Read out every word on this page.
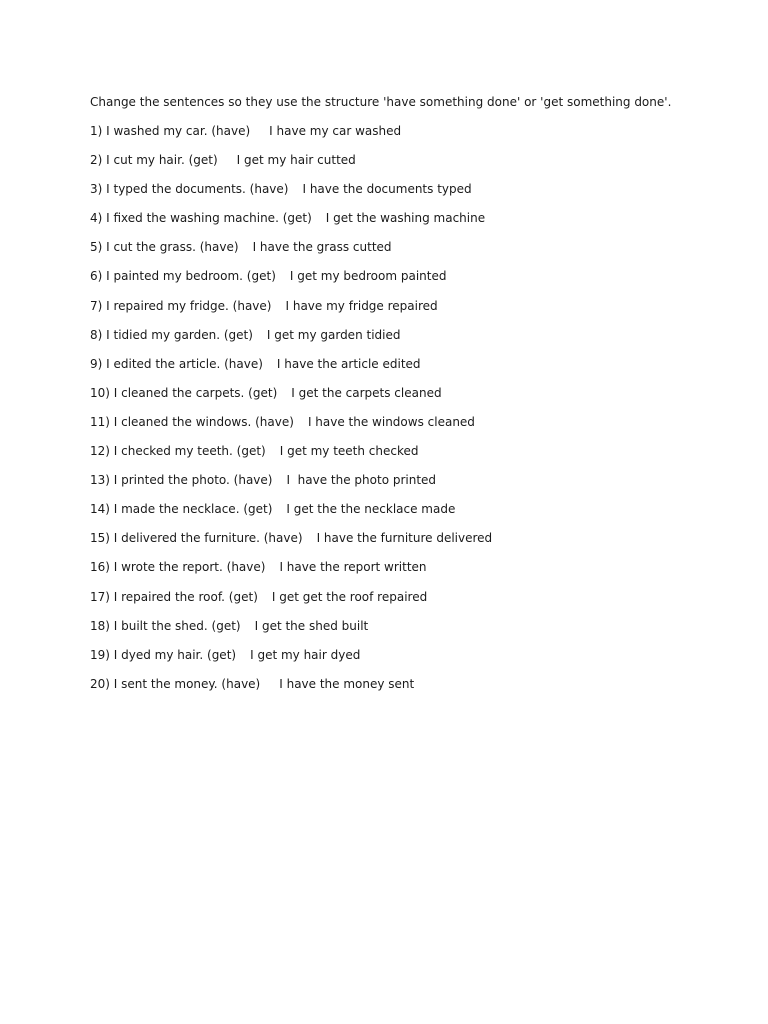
Change the sentences so they use the structure 'have something done' or 'get something done'.

1) I washed my car. (have) I have my car washed
2) I cut my hair. (get) I get my hair cutted
3) I typed the documents. (have) I have the documents typed
4) I fixed the washing machine. (get) I get the washing machine
5) I cut the grass. (have) I have the grass cutted
6) I painted my bedroom. (get) I get my bedroom painted
7) I repaired my fridge. (have) I have my fridge repaired
8) I tidied my garden. (get) I get my garden tidied
9) I edited the article. (have) I have the article edited
10) I cleaned the carpets. (get) I get the carpets cleaned
11) I cleaned the windows. (have) I have the windows cleaned
12) I checked my teeth. (get) I get my teeth checked
13) I printed the photo. (have) I  have the photo printed
14) I made the necklace. (get) I get the the necklace made
15) I delivered the furniture. (have) I have the furniture delivered
16) I wrote the report. (have) I have the report written
17) I repaired the roof. (get) I get get the roof repaired
18) I built the shed. (get) I get the shed built
19) I dyed my hair. (get) I get my hair dyed
20) I sent the money. (have) I have the money sent
